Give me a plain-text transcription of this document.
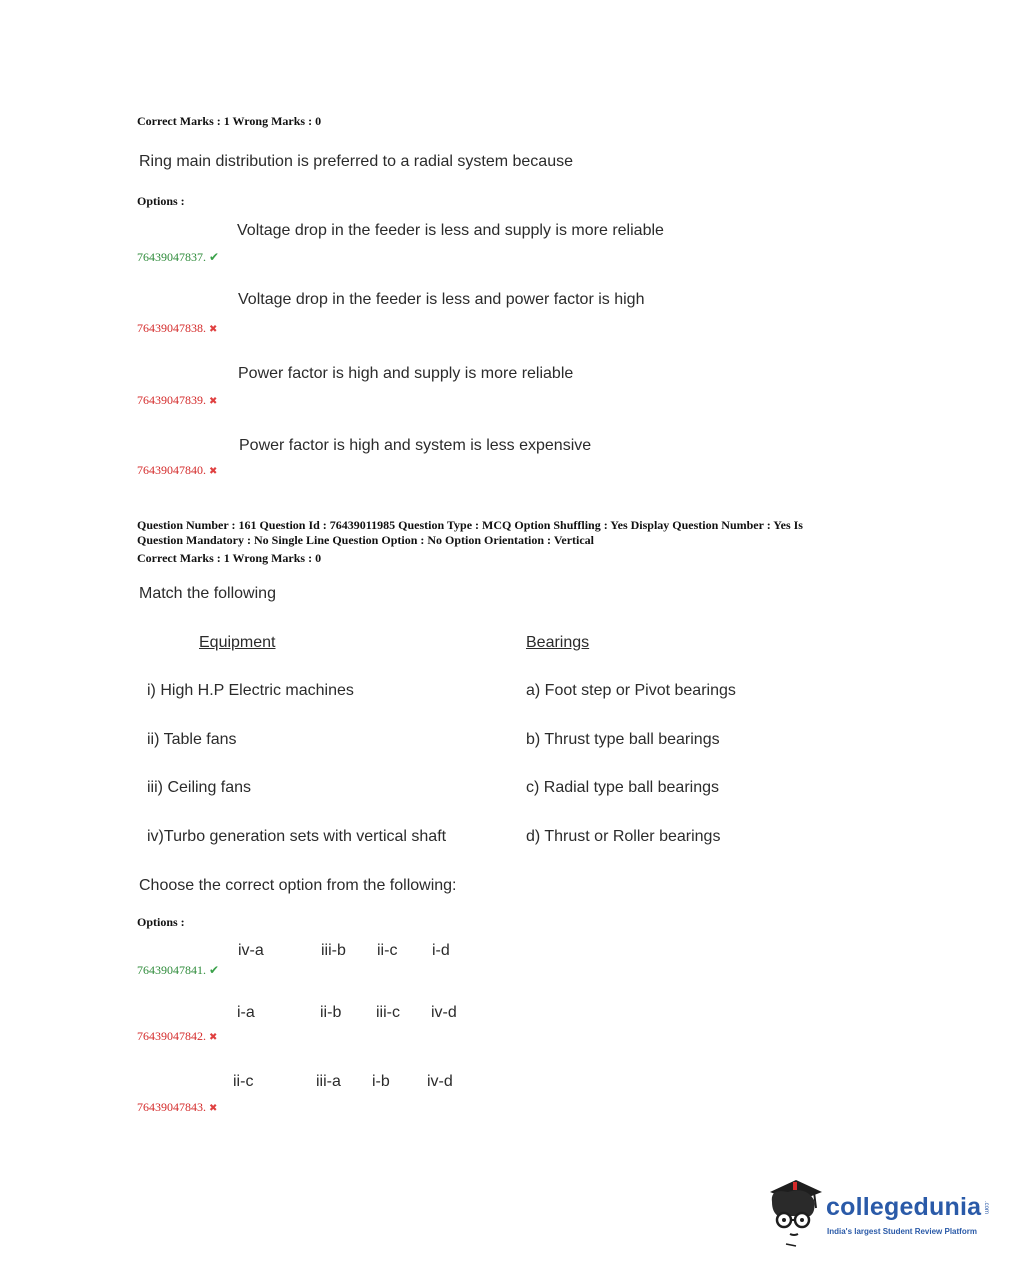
Correct Marks : 1 Wrong Marks : 0
Ring main distribution is preferred to a radial system because
Options :
Voltage drop in the feeder is less and supply is more reliable
76439047837. ✔
Voltage drop in the feeder is less and power factor is high
76439047838. ✖
Power factor is high and supply is more reliable
76439047839. ✖
Power factor is high and system is less expensive
76439047840. ✖
Question Number : 161 Question Id : 76439011985 Question Type : MCQ Option Shuffling : Yes Display Question Number : Yes Is
Question Mandatory : No Single Line Question Option : No Option Orientation : Vertical
Correct Marks : 1 Wrong Marks : 0
Match the following
Equipment	Bearings
i) High H.P Electric machines	a) Foot step or Pivot bearings
ii) Table fans	b) Thrust type ball bearings
iii) Ceiling fans	c) Radial type ball bearings
iv)Turbo generation sets with vertical shaft	d) Thrust or Roller bearings
Choose the correct option from the following:
Options :
iv-a	iii-b ii-c i-d
76439047841. ✔
i-a	ii-b iii-c iv-d
76439047842. ✖
ii-c	iii-a i-b iv-d
76439047843. ✖
collegedunia .com
India's largest Student Review Platform
